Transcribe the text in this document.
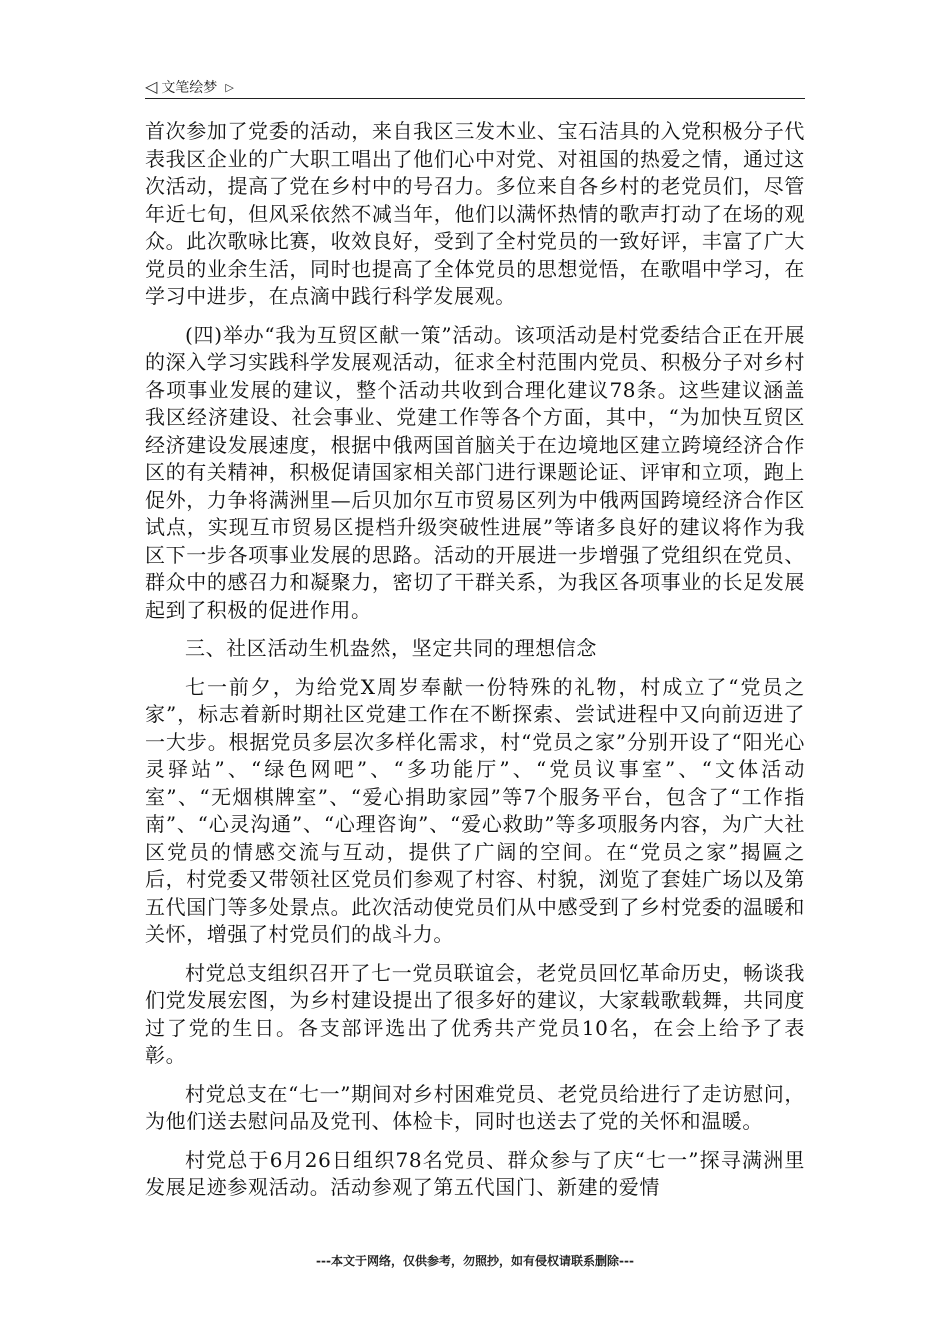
◁ 文笔绘梦 ▷

首次参加了党委的活动，来自我区三发木业、宝石洁具的入党积极分子代表我区企业的广大职工唱出了他们心中对党、对祖国的热爱之情，通过这次活动，提高了党在乡村中的号召力。多位来自各乡村的老党员们，尽管年近七旬，但风采依然不减当年，他们以满怀热情的歌声打动了在场的观众。此次歌咏比赛，收效良好，受到了全村党员的一致好评，丰富了广大党员的业余生活，同时也提高了全体党员的思想觉悟，在歌唱中学习，在学习中进步，在点滴中践行科学发展观。

(四)举办“我为互贸区献一策”活动。该项活动是村党委结合正在开展的深入学习实践科学发展观活动，征求全村范围内党员、积极分子对乡村各项事业发展的建议，整个活动共收到合理化建议78条。这些建议涵盖我区经济建设、社会事业、党建工作等各个方面，其中，“为加快互贸区经济建设发展速度，根据中俄两国首脑关于在边境地区建立跨境经济合作区的有关精神，积极促请国家相关部门进行课题论证、评审和立项，跑上促外，力争将满洲里—后贝加尔互市贸易区列为中俄两国跨境经济合作区试点，实现互市贸易区提档升级突破性进展”等诸多良好的建议将作为我区下一步各项事业发展的思路。活动的开展进一步增强了党组织在党员、群众中的感召力和凝聚力，密切了干群关系，为我区各项事业的长足发展起到了积极的促进作用。

三、社区活动生机盎然，坚定共同的理想信念

七一前夕，为给党X周岁奉献一份特殊的礼物，村成立了“党员之家”，标志着新时期社区党建工作在不断探索、尝试进程中又向前迈进了一大步。根据党员多层次多样化需求，村“党员之家”分别开设了“阳光心灵驿站”、“绿色网吧”、“多功能厅”、“党员议事室”、“文体活动室”、“无烟棋牌室”、“爱心捐助家园”等7个服务平台，包含了“工作指南”、“心灵沟通”、“心理咨询”、“爱心救助”等多项服务内容，为广大社区党员的情感交流与互动，提供了广阔的空间。在“党员之家”揭匾之后，村党委又带领社区党员们参观了村容、村貌，浏览了套娃广场以及第五代国门等多处景点。此次活动使党员们从中感受到了乡村党委的温暖和关怀，增强了村党员们的战斗力。

村党总支组织召开了七一党员联谊会，老党员回忆革命历史，畅谈我们党发展宏图，为乡村建设提出了很多好的建议，大家载歌载舞，共同度过了党的生日。各支部评选出了优秀共产党员10名，在会上给予了表彰。

村党总支在“七一”期间对乡村困难党员、老党员给进行了走访慰问，为他们送去慰问品及党刊、体检卡，同时也送去了党的关怀和温暖。

村党总于6月26日组织78名党员、群众参与了庆“七一”探寻满洲里发展足迹参观活动。活动参观了第五代国门、新建的爱情

---本文于网络，仅供参考，勿照抄，如有侵权请联系删除---
